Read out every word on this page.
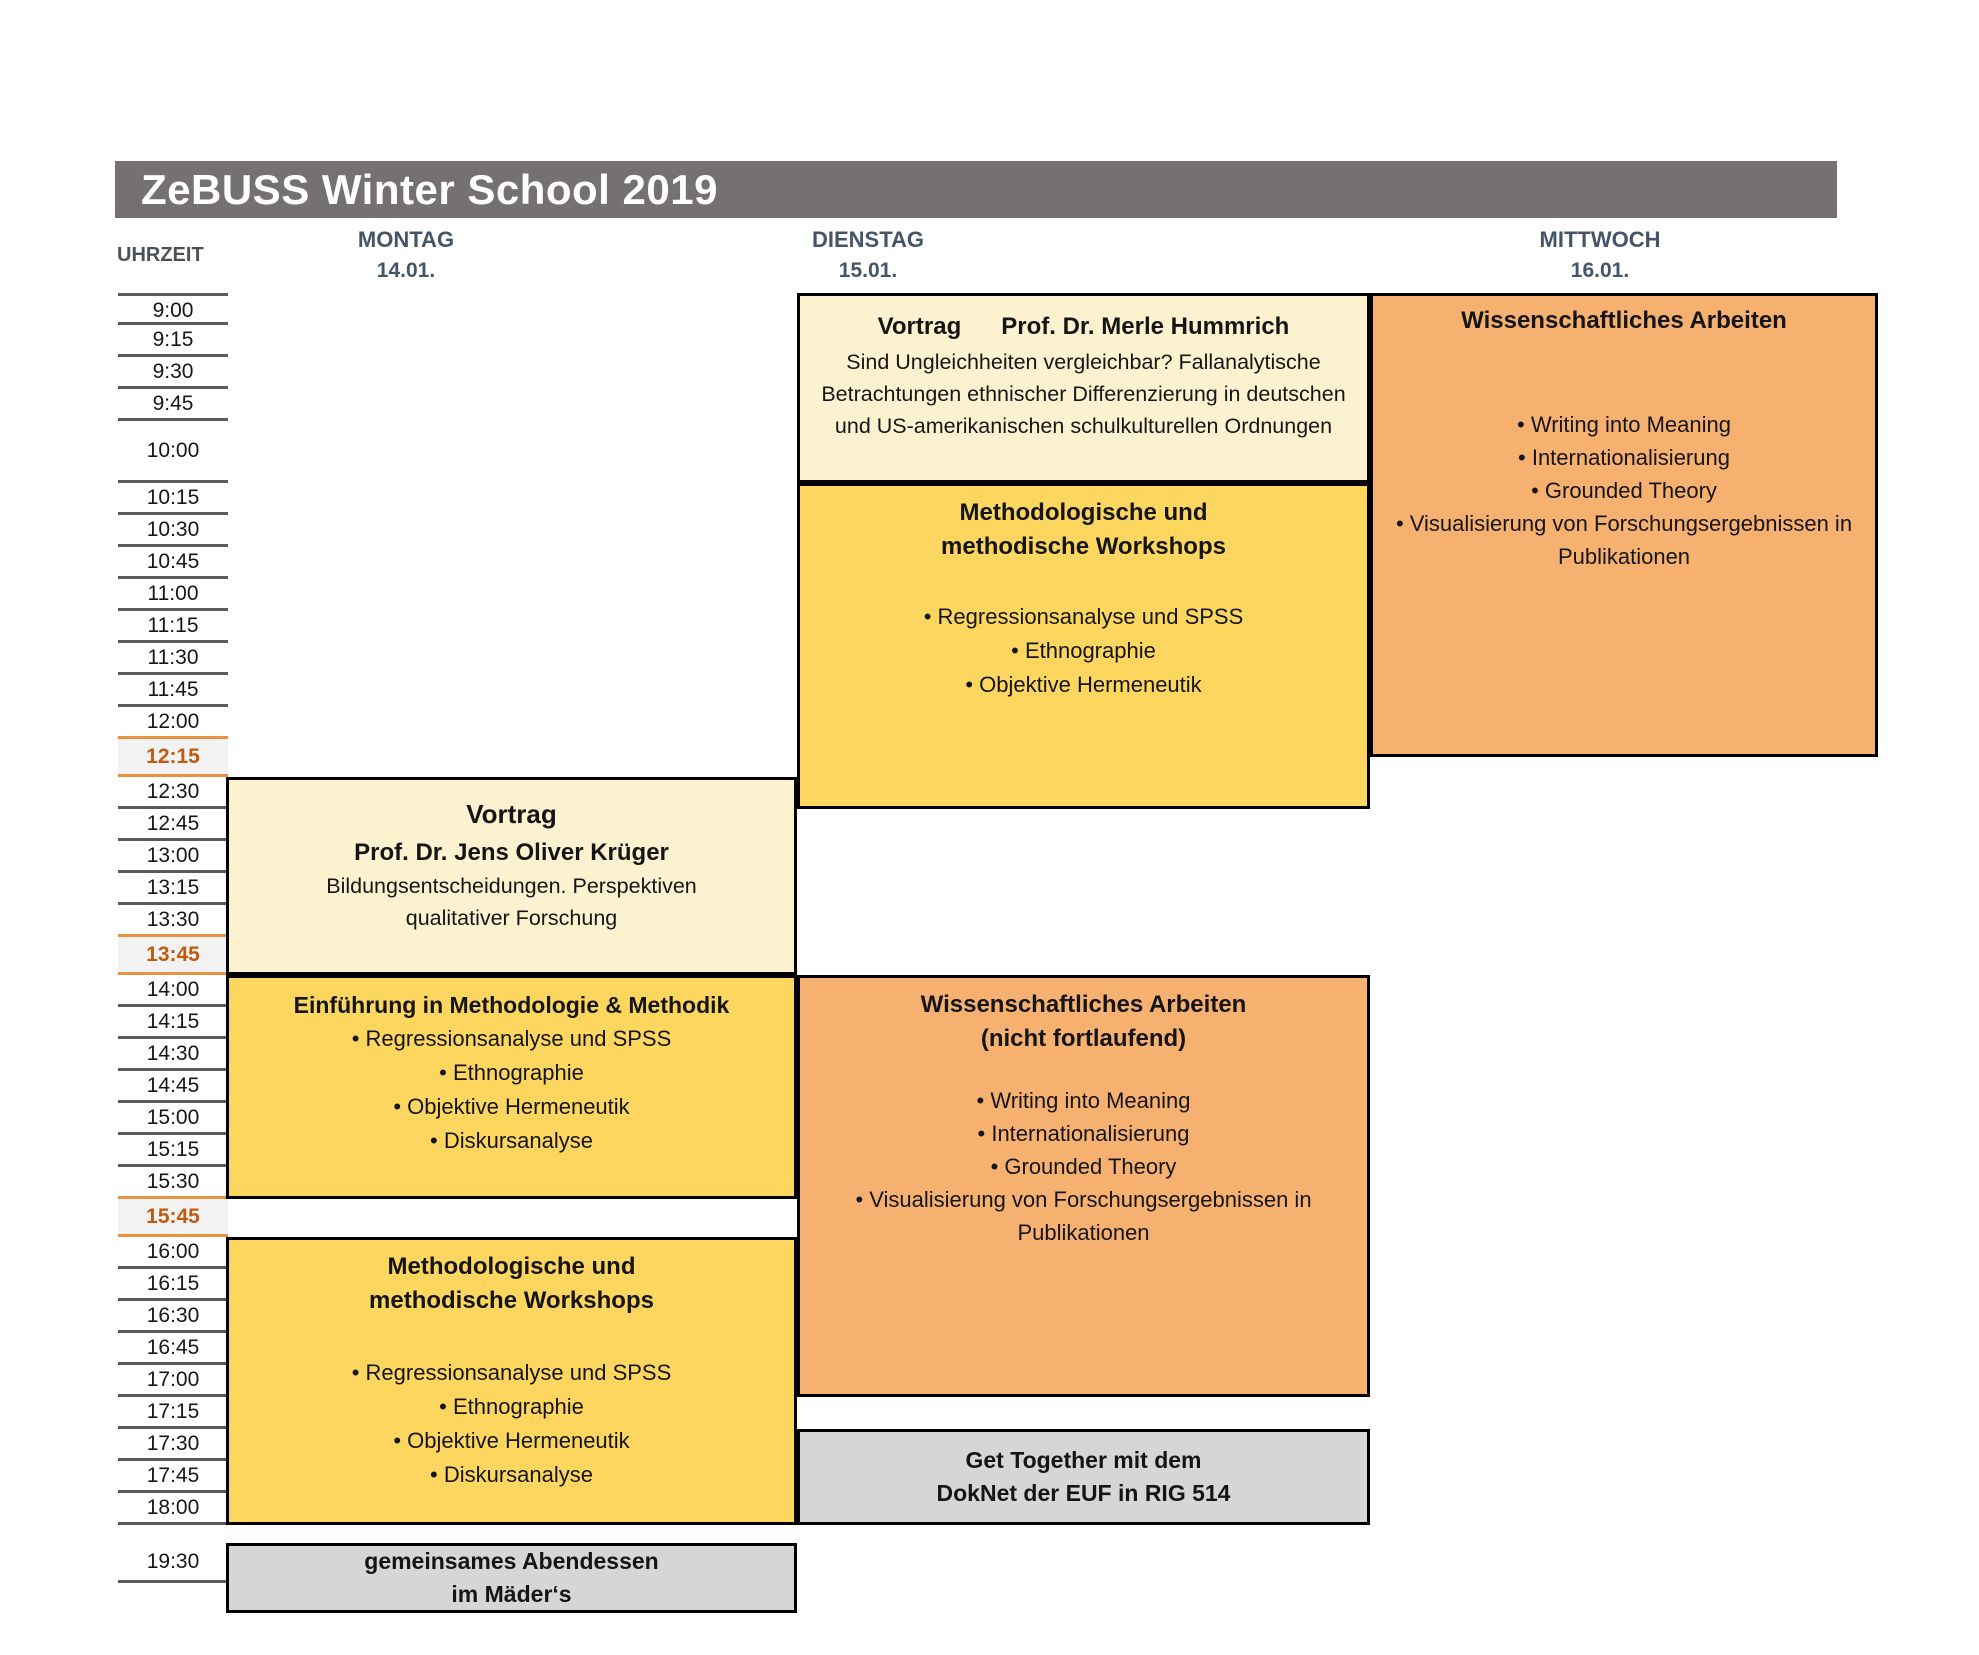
ZeBUSS Winter School 2019
UHRZEIT
MONTAG
14.01.
DIENSTAG
15.01.
MITTWOCH
16.01.
9:00
9:15
9:30
9:45
10:00
10:15
10:30
10:45
11:00
11:15
11:30
11:45
12:00
12:15
12:30
12:45
13:00
13:15
13:30
13:45
14:00
14:15
14:30
14:45
15:00
15:15
15:30
15:45
16:00
16:15
16:30
16:45
17:00
17:15
17:30
17:45
18:00
19:30
Vortrag Prof. Dr. Merle Hummrich
Sind Ungleichheiten vergleichbar? Fallanalytische
Betrachtungen ethnischer Differenzierung in deutschen
und US-amerikanischen schulkulturellen Ordnungen
Wissenschaftliches Arbeiten
• Writing into Meaning
• Internationalisierung
• Grounded Theory
• Visualisierung von Forschungsergebnissen in Publikationen
Methodologische und
methodische Workshops
• Regressionsanalyse und SPSS
• Ethnographie
• Objektive Hermeneutik
Vortrag
Prof. Dr. Jens Oliver Krüger
Bildungsentscheidungen. Perspektiven
qualitativer Forschung
Einführung in Methodologie & Methodik
• Regressionsanalyse und SPSS
• Ethnographie
• Objektive Hermeneutik
• Diskursanalyse
Wissenschaftliches Arbeiten
(nicht fortlaufend)
• Writing into Meaning
• Internationalisierung
• Grounded Theory
• Visualisierung von Forschungsergebnissen in Publikationen
Methodologische und
methodische Workshops
• Regressionsanalyse und SPSS
• Ethnographie
• Objektive Hermeneutik
• Diskursanalyse
Get Together mit dem
DokNet der EUF in RIG 514
gemeinsames Abendessen
im Mäder‘s
